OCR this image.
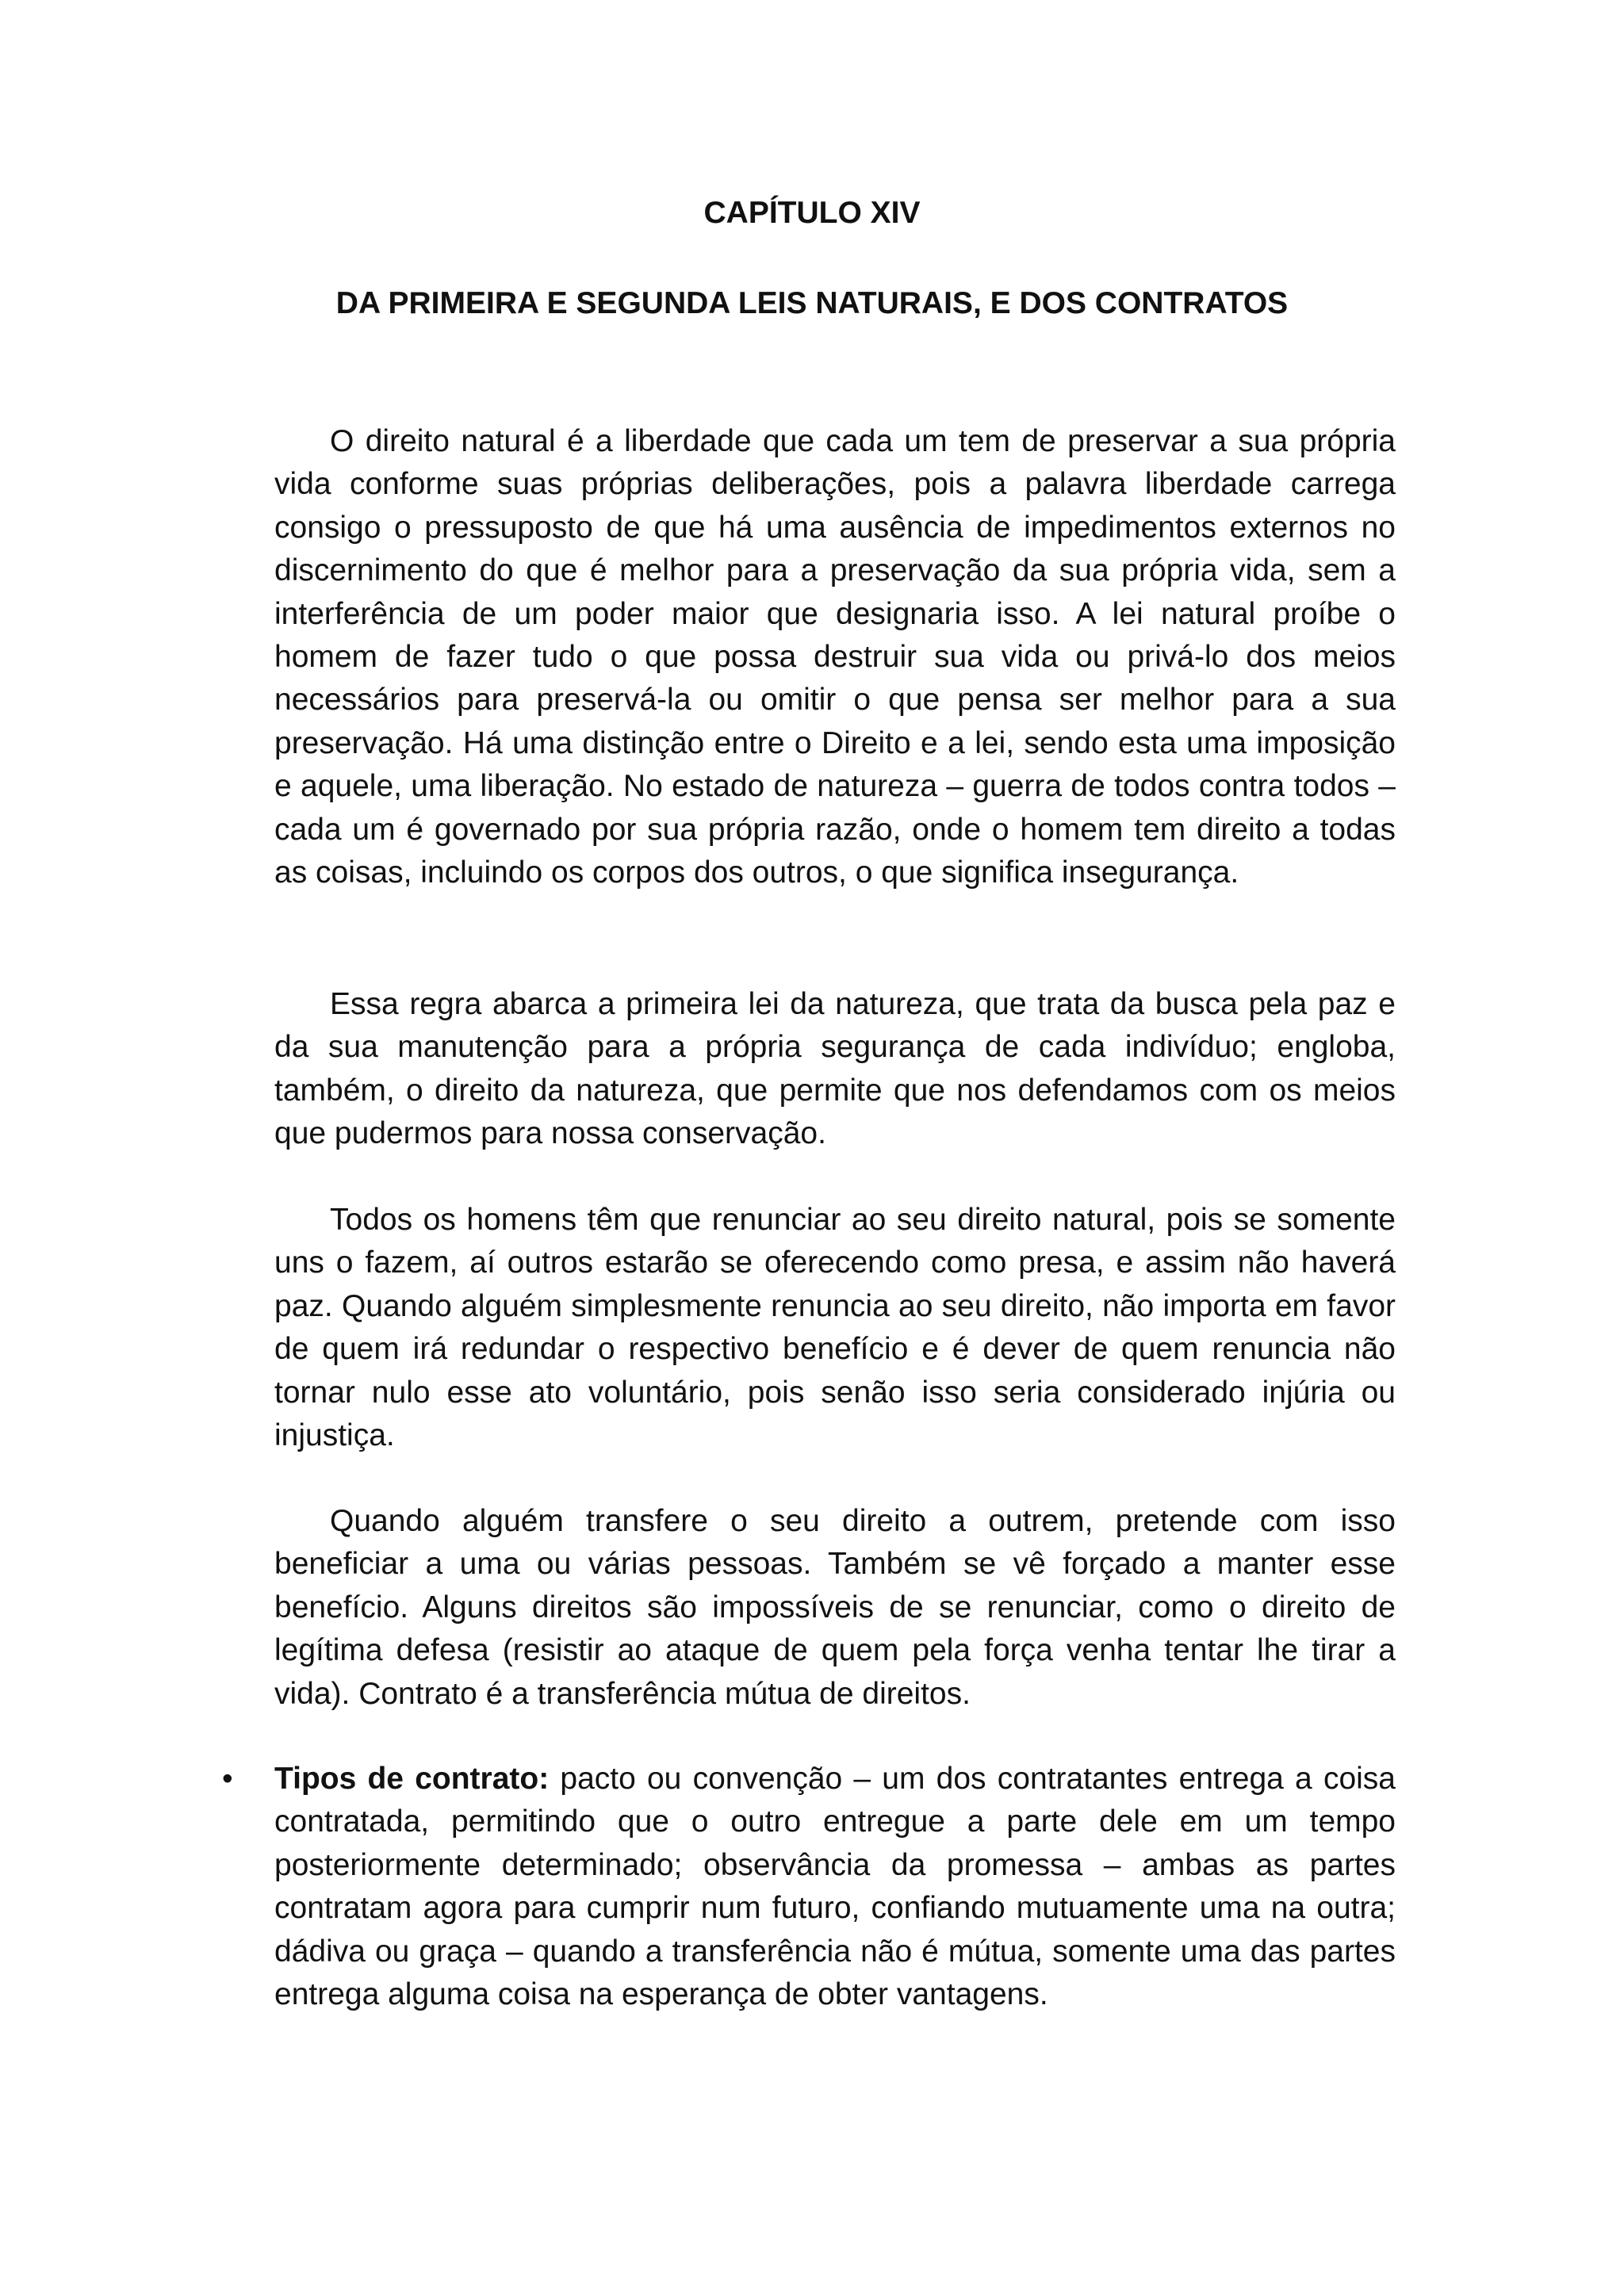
CAPÍTULO XIV
DA PRIMEIRA E SEGUNDA LEIS NATURAIS, E DOS CONTRATOS

O direito natural é a liberdade que cada um tem de preservar a sua própria vida conforme suas próprias deliberações, pois a palavra liberdade carrega consigo o pressuposto de que há uma ausência de impedimentos externos no discernimento do que é melhor para a preservação da sua própria vida, sem a interferência de um poder maior que designaria isso. A lei natural proíbe o homem de fazer tudo o que possa destruir sua vida ou privá-lo dos meios necessários para preservá-la ou omitir o que pensa ser melhor para a sua preservação. Há uma distinção entre o Direito e a lei, sendo esta uma imposição e aquele, uma liberação. No estado de natureza – guerra de todos contra todos – cada um é governado por sua própria razão, onde o homem tem direito a todas as coisas, incluindo os corpos dos outros, o que significa insegurança.

Essa regra abarca a primeira lei da natureza, que trata da busca pela paz e da sua manutenção para a própria segurança de cada indivíduo; engloba, também, o direito da natureza, que permite que nos defendamos com os meios que pudermos para nossa conservação.

Todos os homens têm que renunciar ao seu direito natural, pois se somente uns o fazem, aí outros estarão se oferecendo como presa, e assim não haverá paz. Quando alguém simplesmente renuncia ao seu direito, não importa em favor de quem irá redundar o respectivo benefício e é dever de quem renuncia não tornar nulo esse ato voluntário, pois senão isso seria considerado injúria ou injustiça.

Quando alguém transfere o seu direito a outrem, pretende com isso beneficiar a uma ou várias pessoas. Também se vê forçado a manter esse benefício. Alguns direitos são impossíveis de se renunciar, como o direito de legítima defesa (resistir ao ataque de quem pela força venha tentar lhe tirar a vida). Contrato é a transferência mútua de direitos.

• Tipos de contrato: pacto ou convenção – um dos contratantes entrega a coisa contratada, permitindo que o outro entregue a parte dele em um tempo posteriormente determinado; observância da promessa – ambas as partes contratam agora para cumprir num futuro, confiando mutuamente uma na outra; dádiva ou graça – quando a transferência não é mútua, somente uma das partes entrega alguma coisa na esperança de obter vantagens.
